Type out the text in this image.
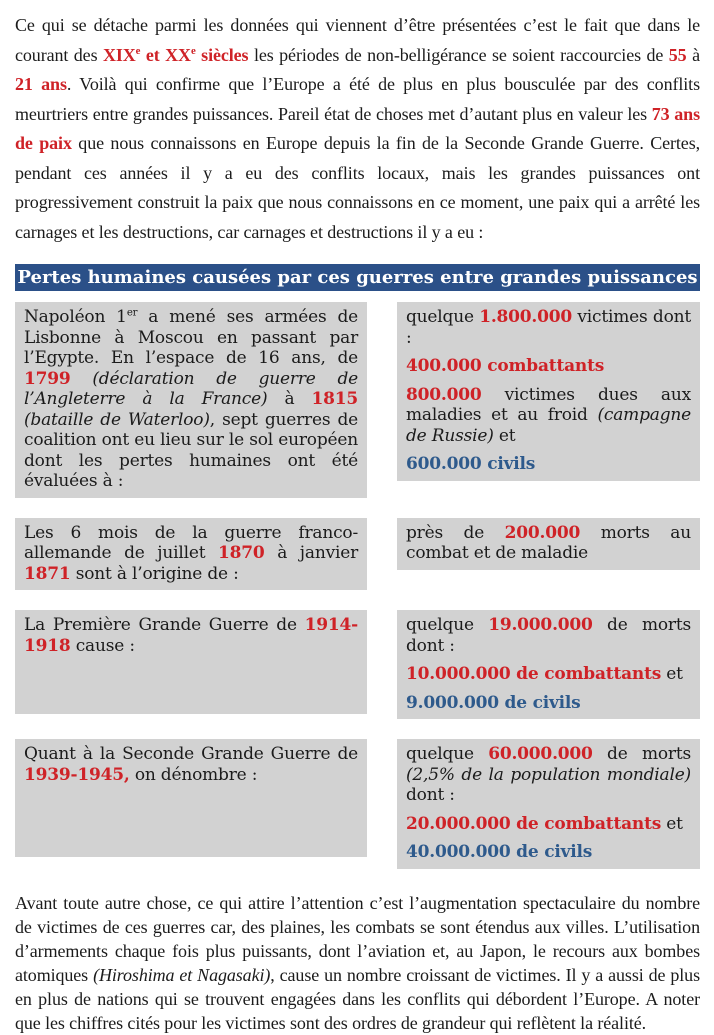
Ce qui se détache parmi les données qui viennent d’être présentées c’est le fait que dans le courant des XIXe et XXe siècles les périodes de non-belligérance se soient raccourcies de 55 à 21 ans. Voilà qui confirme que l’Europe a été de plus en plus bousculée par des conflits meurtriers entre grandes puissances. Pareil état de choses met d’autant plus en valeur les 73 ans de paix que nous connaissons en Europe depuis la fin de la Seconde Grande Guerre. Certes, pendant ces années il y a eu des conflits locaux, mais les grandes puissances ont progressivement construit la paix que nous connaissons en ce moment, une paix qui a arrêté les carnages et les destructions, car carnages et destructions il y a eu :

Pertes humaines causées par ces guerres entre grandes puissances
Napoléon 1er a mené ses armées de Lisbonne à Moscou en passant par l’Egypte. En l’espace de 16 ans, de 1799 (déclaration de guerre de l’Angleterre à la France) à 1815 (bataille de Waterloo), sept guerres de coalition ont eu lieu sur le sol européen dont les pertes humaines ont été évaluées à :

quelque 1.800.000 victimes dont :

400.000 combattants

800.000 victimes dues aux maladies et au froid (campagne de Russie) et

600.000 civils

Les 6 mois de la guerre franco-allemande de juillet 1870 à janvier 1871 sont à l’origine de :

près de 200.000 morts au combat et de maladie

La Première Grande Guerre de 1914-1918 cause :

quelque 19.000.000 de morts dont :

10.000.000 de combattants et

9.000.000 de civils

Quant à la Seconde Grande Guerre de 1939-1945, on dénombre :

quelque 60.000.000 de morts (2,5% de la population mondiale) dont :

20.000.000 de combattants et

40.000.000 de civils

Avant toute autre chose, ce qui attire l’attention c’est l’augmentation spectaculaire du nombre de victimes de ces guerres car, des plaines, les combats se sont étendus aux villes. L’utilisation d’armements chaque fois plus puissants, dont l’aviation et, au Japon, le recours aux bombes atomiques (Hiroshima et Nagasaki), cause un nombre croissant de victimes. Il y a aussi de plus en plus de nations qui se trouvent engagées dans les conflits qui débordent l’Europe. A noter que les chiffres cités pour les victimes sont des ordres de grandeur qui reflètent la réalité.
